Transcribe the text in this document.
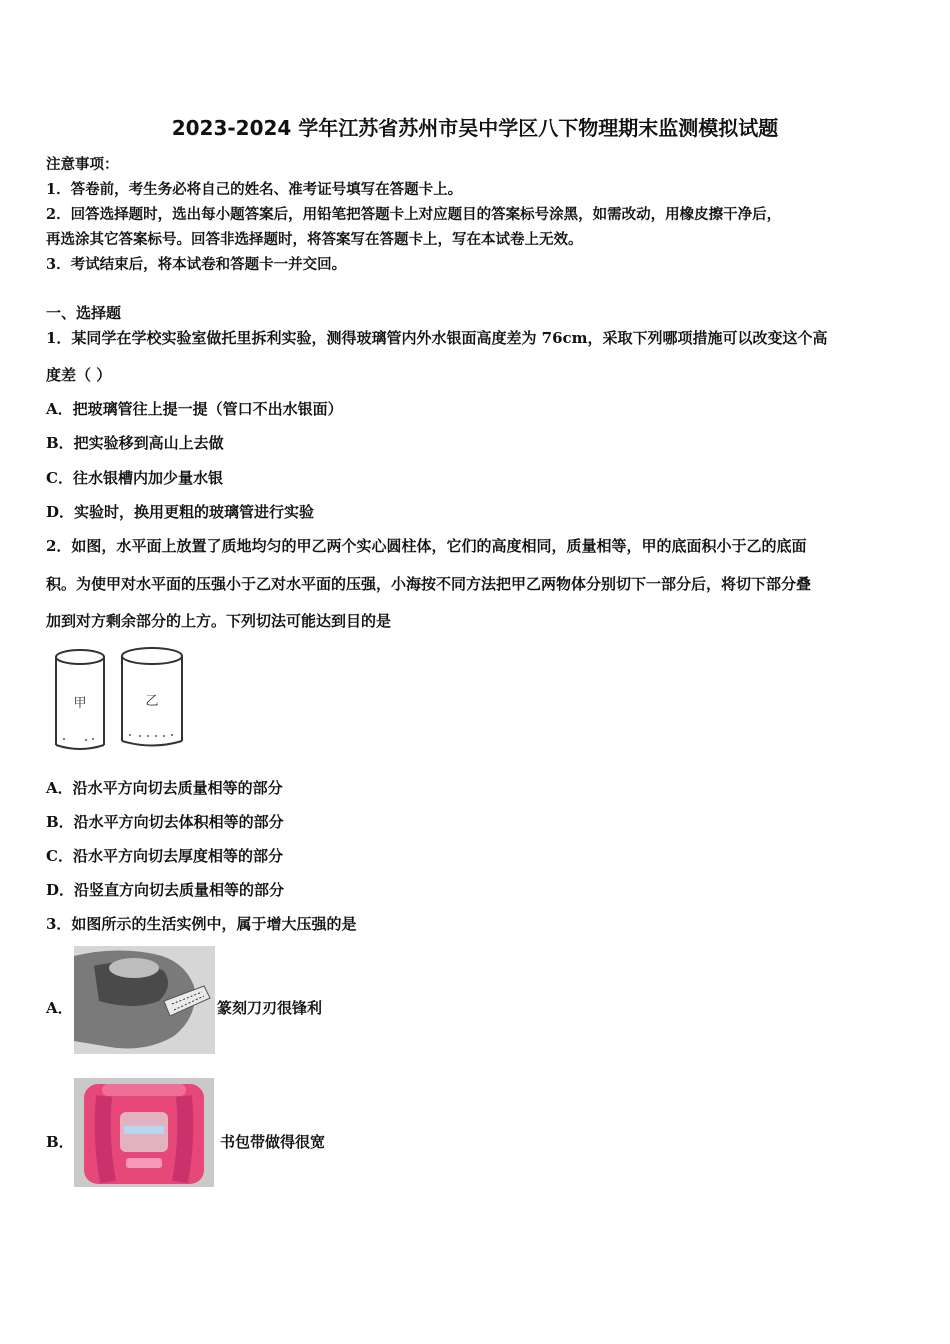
2023-2024 学年江苏省苏州市吴中学区八下物理期末监测模拟试题
注意事项：
1．答卷前，考生务必将自己的姓名、准考证号填写在答题卡上。
2．回答选择题时，选出每小题答案后，用铅笔把答题卡上对应题目的答案标号涂黑，如需改动，用橡皮擦干净后，
再选涂其它答案标号。回答非选择题时，将答案写在答题卡上，写在本试卷上无效。
3．考试结束后，将本试卷和答题卡一并交回。
一、选择题
1．某同学在学校实验室做托里拆利实验，测得玻璃管内外水银面高度差为 76cm，采取下列哪项措施可以改变这个高
度差（ ）
A．把玻璃管往上提一提（管口不出水银面）
B．把实验移到高山上去做
C．往水银槽内加少量水银
D．实验时，换用更粗的玻璃管进行实验
2．如图，水平面上放置了质地均匀的甲乙两个实心圆柱体，它们的高度相同，质量相等，甲的底面积小于乙的底面
积。为使甲对水平面的压强小于乙对水平面的压强，小海按不同方法把甲乙两物体分别切下一部分后，将切下部分叠
加到对方剩余部分的上方。下列切法可能达到目的是
甲	乙
A．沿水平方向切去质量相等的部分
B．沿水平方向切去体积相等的部分
C．沿水平方向切去厚度相等的部分
D．沿竖直方向切去质量相等的部分
3．如图所示的生活实例中，属于增大压强的是
A．	篆刻刀刃很锋利
B．	书包带做得很宽
